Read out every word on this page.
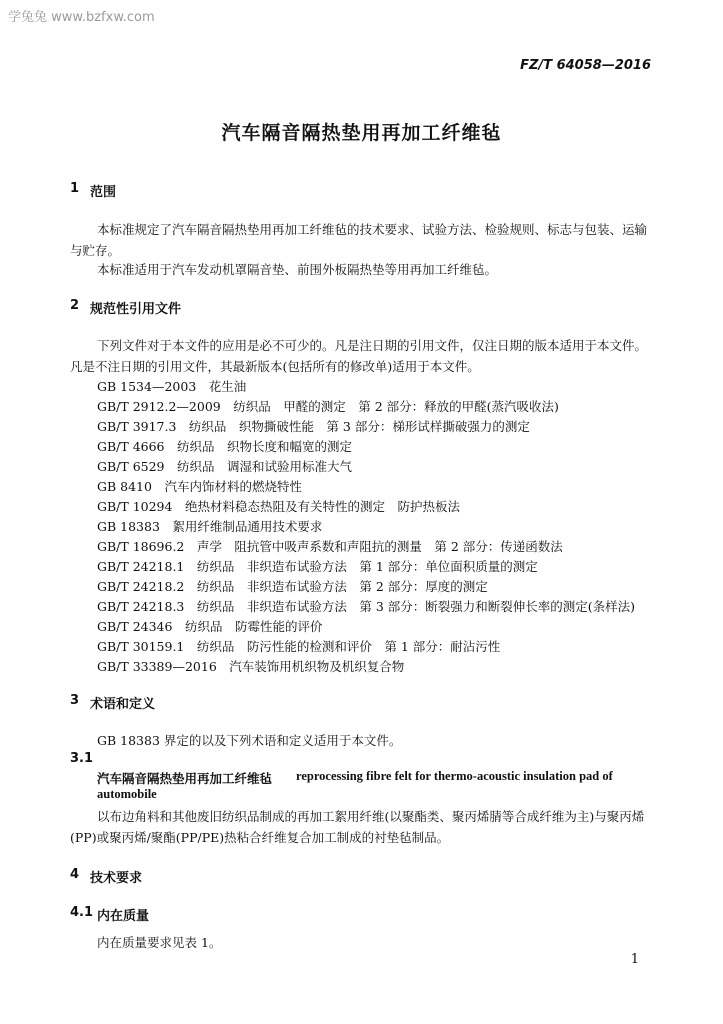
学兔兔 www.bzfxw.com
FZ/T 64058—2016
汽车隔音隔热垫用再加工纤维毡
1 范围
本标准规定了汽车隔音隔热垫用再加工纤维毡的技术要求、试验方法、检验规则、标志与包装、运输与贮存。
本标准适用于汽车发动机罩隔音垫、前围外板隔热垫等用再加工纤维毡。
2 规范性引用文件
下列文件对于本文件的应用是必不可少的。凡是注日期的引用文件，仅注日期的版本适用于本文件。凡是不注日期的引用文件，其最新版本(包括所有的修改单)适用于本文件。
GB 1534—2003　花生油
GB/T 2912.2—2009　纺织品　甲醛的测定　第 2 部分：释放的甲醛(蒸汽吸收法)
GB/T 3917.3　纺织品　织物撕破性能　第 3 部分：梯形试样撕破强力的测定
GB/T 4666　纺织品　织物长度和幅宽的测定
GB/T 6529　纺织品　调湿和试验用标准大气
GB 8410　汽车内饰材料的燃烧特性
GB/T 10294　绝热材料稳态热阻及有关特性的测定　防护热板法
GB 18383　絮用纤维制品通用技术要求
GB/T 18696.2　声学　阻抗管中吸声系数和声阻抗的测量　第 2 部分：传递函数法
GB/T 24218.1　纺织品　非织造布试验方法　第 1 部分：单位面积质量的测定
GB/T 24218.2　纺织品　非织造布试验方法　第 2 部分：厚度的测定
GB/T 24218.3　纺织品　非织造布试验方法　第 3 部分：断裂强力和断裂伸长率的测定(条样法)
GB/T 24346　纺织品　防霉性能的评价
GB/T 30159.1　纺织品　防污性能的检测和评价　第 1 部分：耐沾污性
GB/T 33389—2016　汽车装饰用机织物及机织复合物
3 术语和定义
GB 18383 界定的以及下列术语和定义适用于本文件。
3.1
汽车隔音隔热垫用再加工纤维毡 reprocessing fibre felt for thermo-acoustic insulation pad of
automobile
以布边角料和其他废旧纺织品制成的再加工絮用纤维(以聚酯类、聚丙烯腈等合成纤维为主)与聚丙烯(PP)或聚丙烯/聚酯(PP/PE)热粘合纤维复合加工制成的衬垫毡制品。
4 技术要求
4.1 内在质量
内在质量要求见表 1。
1
